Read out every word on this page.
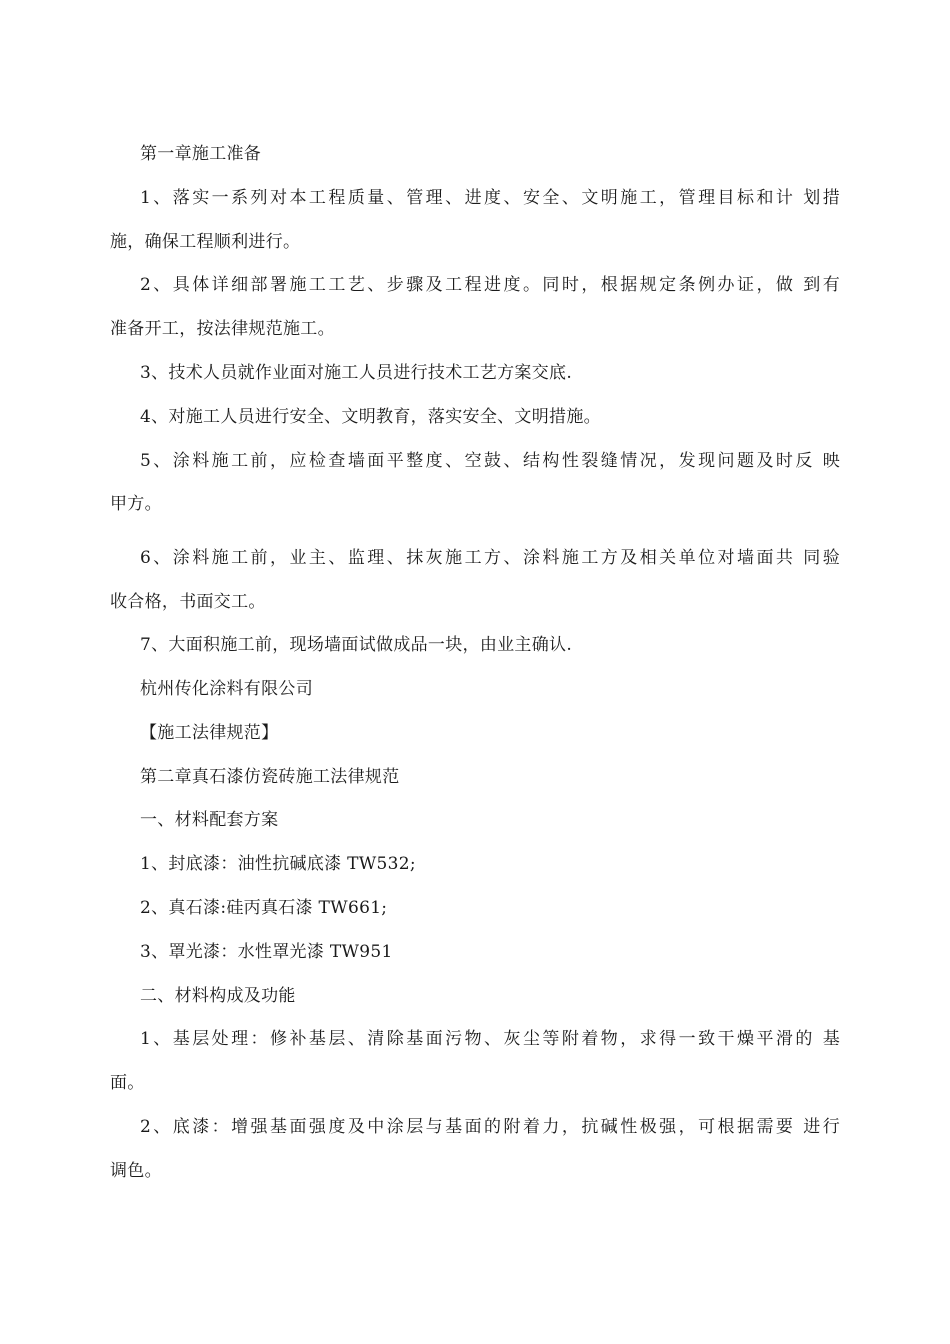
第一章施工准备
1、落实一系列对本工程质量、管理、进度、安全、文明施工，管理目标和计 划措
施，确保工程顺利进行。
2、具体详细部署施工工艺、步骤及工程进度。同时，根据规定条例办证，做 到有
准备开工，按法律规范施工。
3、技术人员就作业面对施工人员进行技术工艺方案交底.
4、对施工人员进行安全、文明教育，落实安全、文明措施。
5、涂料施工前，应检查墙面平整度、空鼓、结构性裂缝情况，发现问题及时反 映
甲方。
6、涂料施工前，业主、监理、抹灰施工方、涂料施工方及相关单位对墙面共 同验
收合格，书面交工。
7、大面积施工前，现场墙面试做成品一块，由业主确认.
杭州传化涂料有限公司
【施工法律规范】
第二章真石漆仿瓷砖施工法律规范
一、材料配套方案
1、封底漆：油性抗碱底漆 TW532;
2、真石漆:硅丙真石漆 TW661;
3、罩光漆：水性罩光漆 TW951
二、材料构成及功能
1、基层处理：修补基层、清除基面污物、灰尘等附着物，求得一致干燥平滑的 基
面。
2、底漆：增强基面强度及中涂层与基面的附着力，抗碱性极强，可根据需要 进行
调色。
